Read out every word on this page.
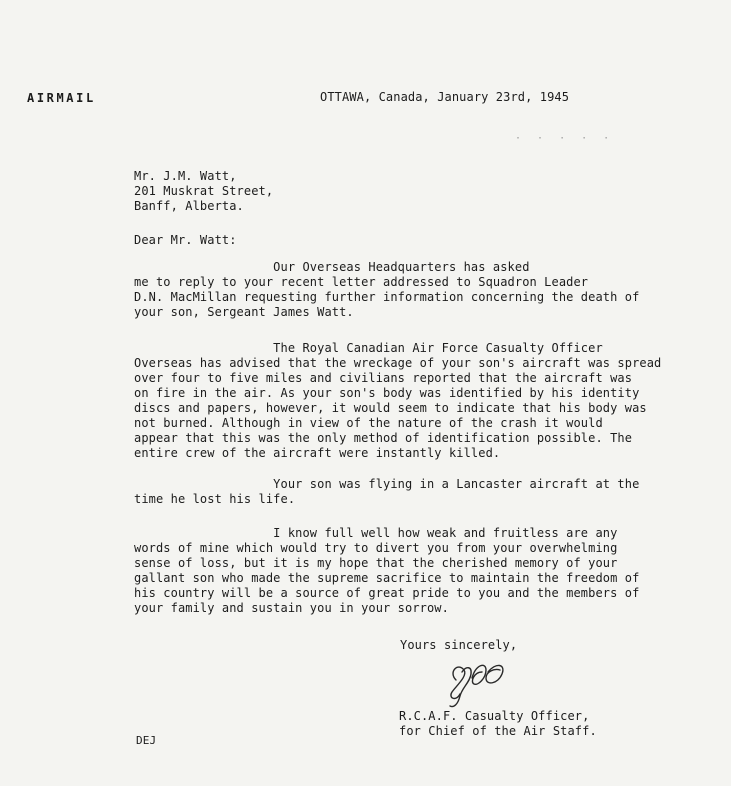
AIRMAIL	OTTAWA, Canada, January 23rd, 1945
· · · · ·
Mr. J.M. Watt,
201 Muskrat Street,
Banff, Alberta.
Dear Mr. Watt:
Our Overseas Headquarters has asked
me to reply to your recent letter addressed to Squadron Leader
D.N. MacMillan requesting further information concerning the death of
your son, Sergeant James Watt.
The Royal Canadian Air Force Casualty Officer
Overseas has advised that the wreckage of your son's aircraft was spread
over four to five miles and civilians reported that the aircraft was
on fire in the air. As your son's body was identified by his identity
discs and papers, however, it would seem to indicate that his body was
not burned. Although in view of the nature of the crash it would
appear that this was the only method of identification possible. The
entire crew of the aircraft were instantly killed.
Your son was flying in a Lancaster aircraft at the
time he lost his life.
I know full well how weak and fruitless are any
words of mine which would try to divert you from your overwhelming
sense of loss, but it is my hope that the cherished memory of your
gallant son who made the supreme sacrifice to maintain the freedom of
his country will be a source of great pride to you and the members of
your family and sustain you in your sorrow.
Yours sincerely,
R.C.A.F. Casualty Officer,
for Chief of the Air Staff.
DEJ
